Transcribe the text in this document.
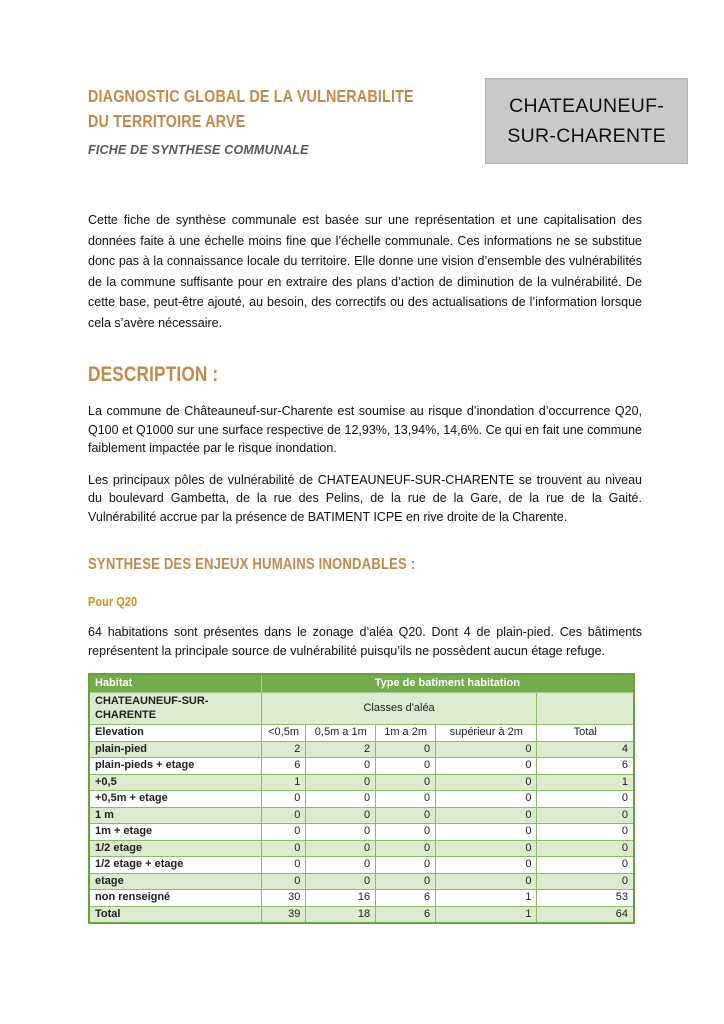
DIAGNOSTIC GLOBAL DE LA VULNERABILITE
DU TERRITOIRE ARVE
FICHE DE SYNTHESE COMMUNALE
CHATEAUNEUF-SUR-CHARENTE

Cette fiche de synthèse communale est basée sur une représentation et une capitalisation des données faite à une échelle moins fine que l’échelle communale. Ces informations ne se substitue donc pas à la connaissance locale du territoire. Elle donne une vision d’ensemble des vulnérabilités de la commune suffisante pour en extraire des plans d’action de diminution de la vulnérabilité. De cette base, peut-être ajouté, au besoin, des correctifs ou des actualisations de l’information lorsque cela s’avère nécessaire.

DESCRIPTION :

La commune de Châteauneuf-sur-Charente est soumise au risque d’inondation d’occurrence Q20, Q100 et Q1000 sur une surface respective de 12,93%, 13,94%, 14,6%. Ce qui en fait une commune faiblement impactée par le risque inondation.

Les principaux pôles de vulnérabilité de CHATEAUNEUF-SUR-CHARENTE se trouvent au niveau du boulevard Gambetta, de la rue des Pelins, de la rue de la Gare, de la rue de la Gaité. Vulnérabilité accrue par la présence de BATIMENT ICPE en rive droite de la Charente.

SYNTHESE DES ENJEUX HUMAINS INONDABLES :
Pour Q20

64 habitations sont présentes dans le zonage d’aléa Q20. Dont 4 de plain-pied. Ces bâtiments représentent la principale source de vulnérabilité puisqu’ils ne possèdent aucun étage refuge.

Habitat	Type de batiment habitation				
CHATEAUNEUF-SUR-CHARENTE	Classes d'aléa				
Elevation	<0,5m	0,5m a 1m	1m a 2m	supérieur à 2m	Total
plain-pied	2	2	0	0	4
plain-pieds + etage	6	0	0	0	6
+0,5	1	0	0	0	1
+0,5m + etage	0	0	0	0	0
1 m	0	0	0	0	0
1m + etage	0	0	0	0	0
1/2 etage	0	0	0	0	0
1/2 etage + etage	0	0	0	0	0
etage	0	0	0	0	0
non renseigné	30	16	6	1	53
Total	39	18	6	1	64
